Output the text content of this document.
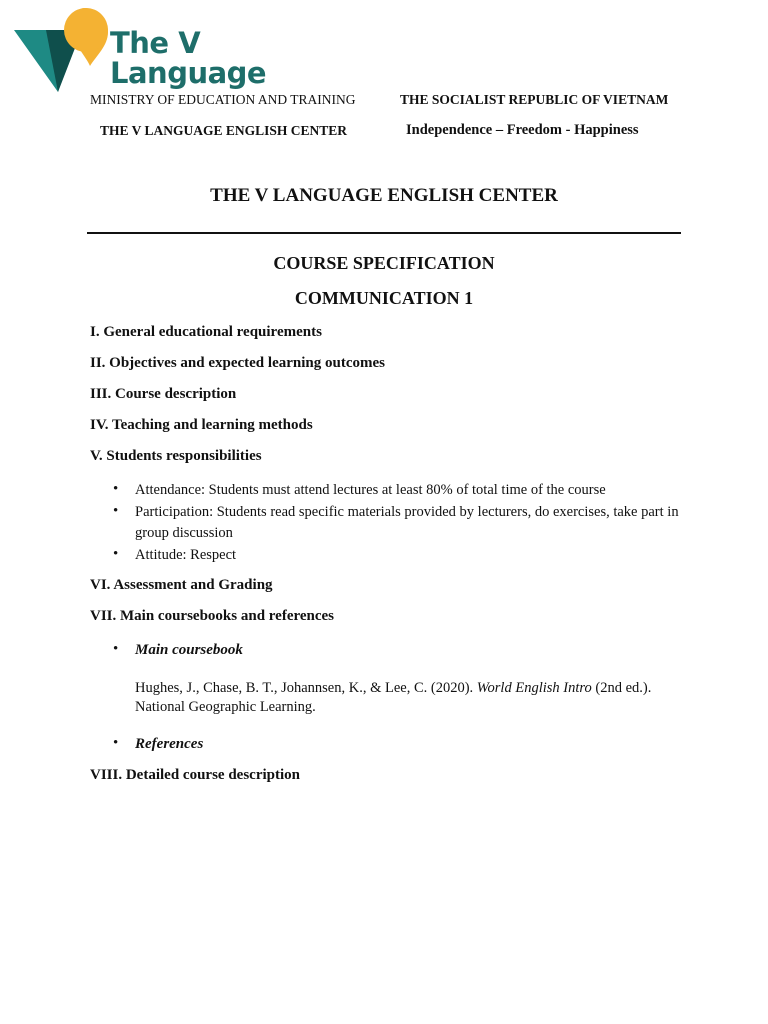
The V
Language
MINISTRY OF EDUCATION AND TRAINING	THE SOCIALIST REPUBLIC OF VIETNAM
THE V LANGUAGE ENGLISH CENTER	Independence – Freedom - Happiness
THE V LANGUAGE ENGLISH CENTER
COURSE SPECIFICATION
COMMUNICATION 1
I. General educational requirements
II. Objectives and expected learning outcomes
III. Course description
IV. Teaching and learning methods
V. Students responsibilities
• Attendance: Students must attend lectures at least 80% of total time of the course
• Participation: Students read specific materials provided by lecturers, do exercises, take part in group discussion
• Attitude: Respect
VI. Assessment and Grading
VII. Main coursebooks and references
• Main coursebook
Hughes, J., Chase, B. T., Johannsen, K., & Lee, C. (2020). World English Intro (2nd ed.). National Geographic Learning.
• References
VIII. Detailed course description
